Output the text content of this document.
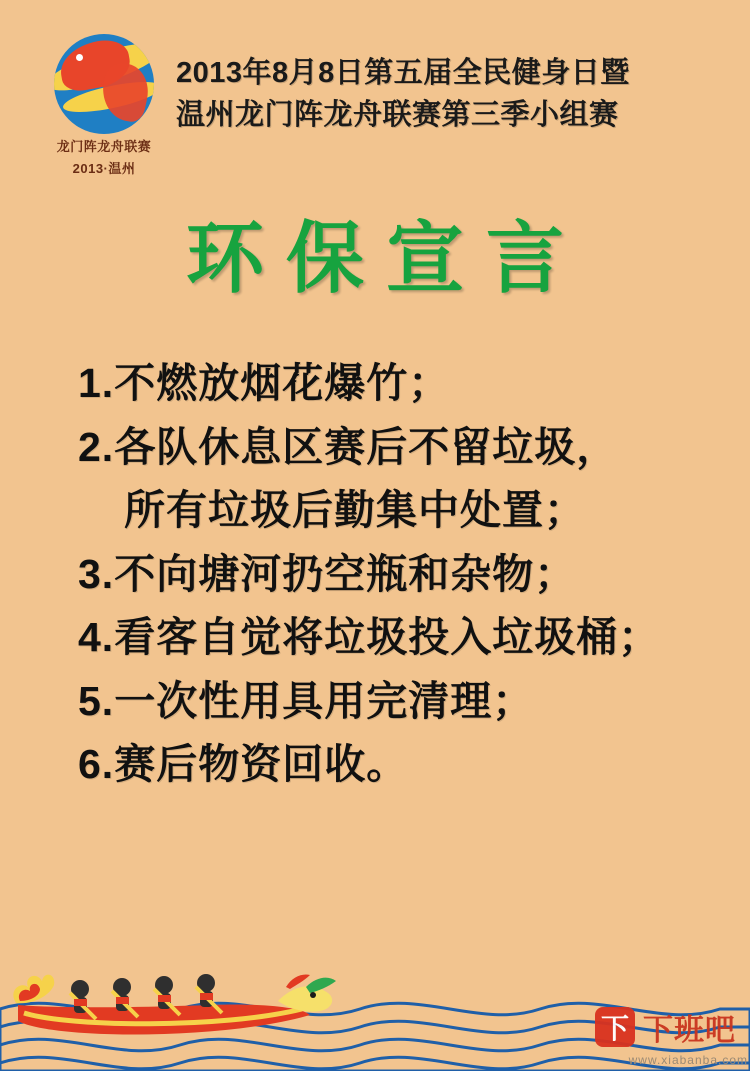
龙门阵龙舟联赛
2013·温州
2013年8月8日第五届全民健身日暨
温州龙门阵龙舟联赛第三季小组赛
环保宣言
1.不燃放烟花爆竹；
2.各队休息区赛后不留垃圾，
所有垃圾后勤集中处置；
3.不向塘河扔空瓶和杂物；
4.看客自觉将垃圾投入垃圾桶；
5.一次性用具用完清理；
6.赛后物资回收。
下 下班吧
www.xiabanba.com
